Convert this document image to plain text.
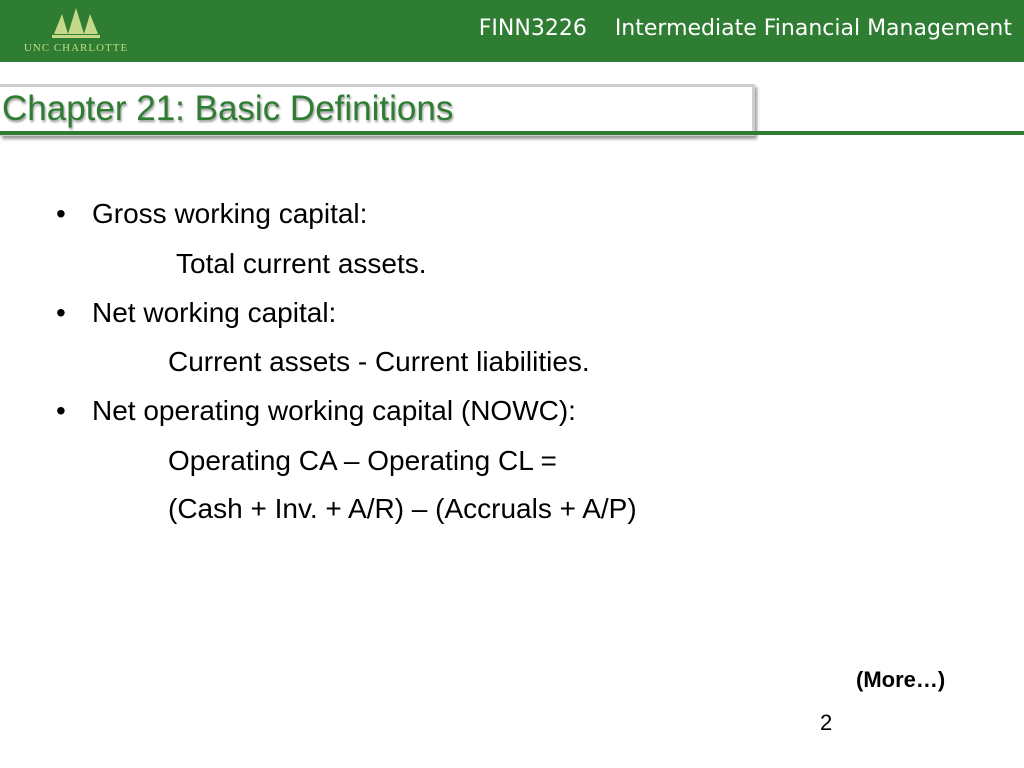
UNC CHARLOTTE
FINN3226 Intermediate Financial Management
Chapter 21: Basic Definitions
• Gross working capital:
Total current assets.
• Net working capital:
Current assets - Current liabilities.
• Net operating working capital (NOWC):
Operating CA – Operating CL =
(Cash + Inv. + A/R) – (Accruals + A/P)
(More…)
2
